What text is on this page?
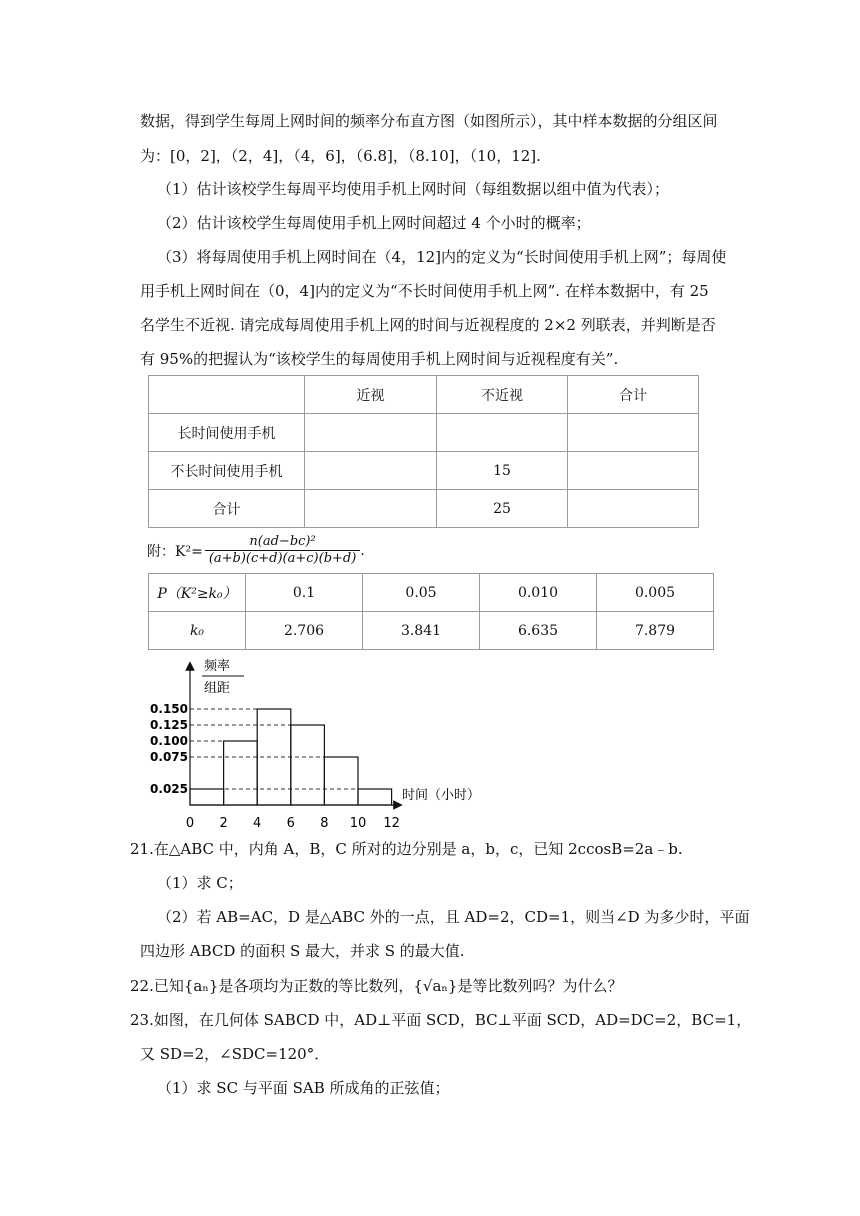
数据，得到学生每周上网时间的频率分布直方图（如图所示），其中样本数据的分组区间
为：[0，2]，（2，4]，（4，6]，（6.8]，（8.10]，（10，12].
（1）估计该校学生每周平均使用手机上网时间（每组数据以组中值为代表）；
（2）估计该校学生每周使用手机上网时间超过 4 个小时的概率；
（3）将每周使用手机上网时间在（4，12]内的定义为“长时间使用手机上网”；每周使
用手机上网时间在（0，4]内的定义为“不长时间使用手机上网”. 在样本数据中，有 25
名学生不近视. 请完成每周使用手机上网的时间与近视程度的 2×2 列联表，并判断是否
有 95%的把握认为“该校学生的每周使用手机上网时间与近视程度有关”.
	近视	不近视	合计
长时间使用手机			
不长时间使用手机		15	
合计		25	
附：$K^2= \frac{\text{n(ad−bc)²}}{(a+b)(c+d)(a+c)(b+d)}$ .
P（K²≥k₀）	0.1	0.05	0.010	0.005
k₀	2.706	3.841	6.635	7.879
频率
组距
时间（小时）
0 2 4 6 8 10 12
0.025
0.075
0.100
0.125
0.150
21.在△ABC 中，内角 A，B，C 所对的边分别是 a，b，c，已知 2ccosB=2a﹣b.
（1）求 C；
（2）若 AB=AC，D 是△ABC 外的一点，且 AD=2，CD=1，则当∠D 为多少时，平面
四边形 ABCD 的面积 S 最大，并求 S 的最大值.
22.已知{aₙ}是各项均为正数的等比数列，{√aₙ}是等比数列吗？为什么？
23.如图，在几何体 SABCD 中，AD⊥平面 SCD，BC⊥平面 SCD，AD=DC=2，BC=1，
又 SD=2，∠SDC=120°．
（1）求 SC 与平面 SAB 所成角的正弦值；
